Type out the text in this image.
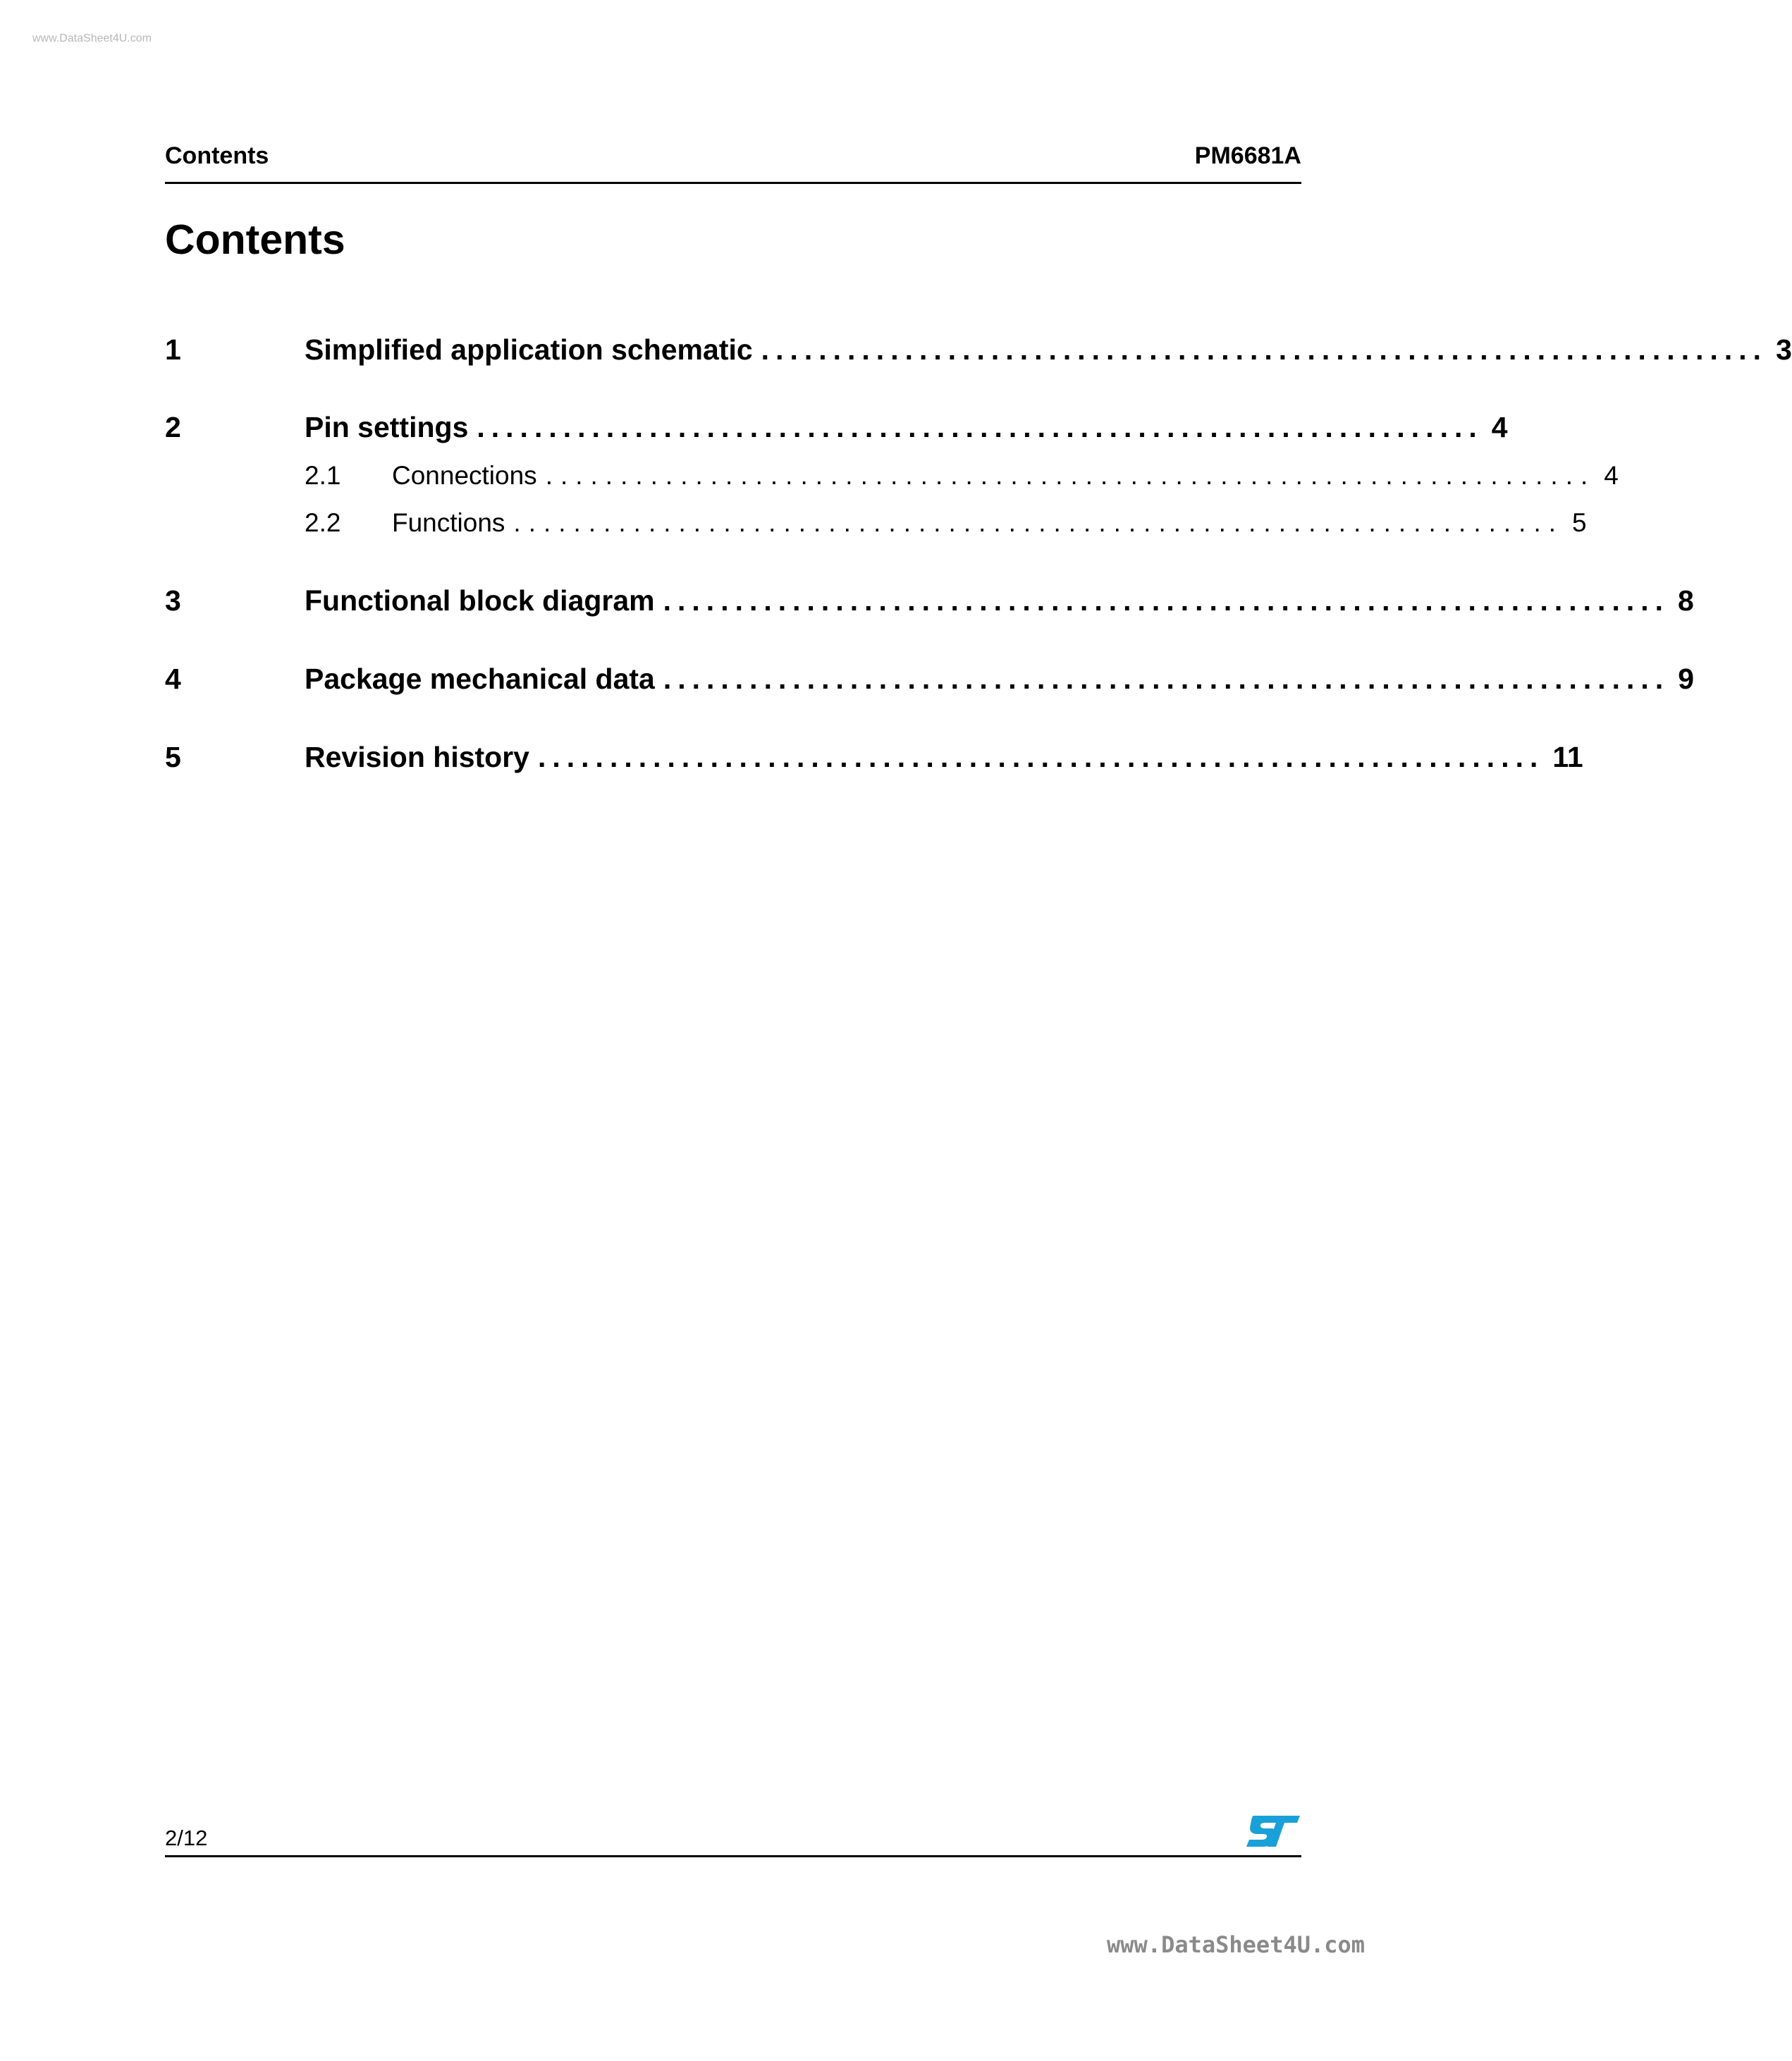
www.DataSheet4U.com
Contents	PM6681A
Contents
1	Simplified application schematic ...................................................................... 3
2	Pin settings ...................................................................... 4
2.1 Connections ...................................................................... 4
2.2 Functions ...................................................................... 5
3	Functional block diagram ...................................................................... 8
4	Package mechanical data ...................................................................... 9
5	Revision history ...................................................................... 11
2/12
www.DataSheet4U.com
